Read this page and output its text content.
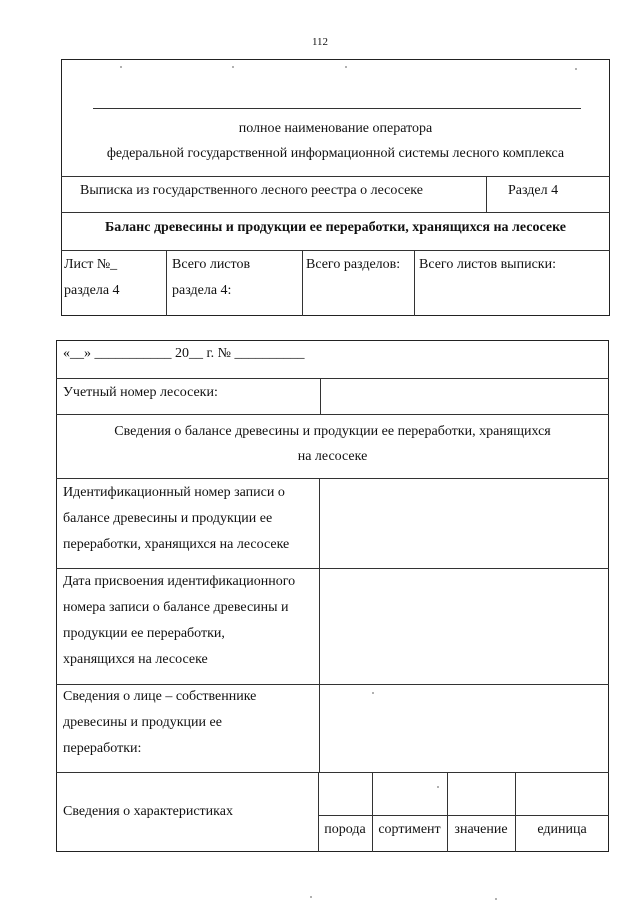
112
полное наименование оператора
федеральной государственной информационной системы лесного комплекса
Выписка из государственного лесного реестра о лесосеке	Раздел 4
Баланс древесины и продукции ее переработки, хранящихся на лесосеке
Лист №_
раздела 4
Всего листов
раздела 4:
Всего разделов: Всего листов выписки:
«__» ___________ 20__ г. № __________
Учетный номер лесосеки:
Сведения о балансе древесины и продукции ее переработки, хранящихся
на лесосеке
Идентификационный номер записи о
балансе древесины и продукции ее
переработки, хранящихся на лесосеке
Дата присвоения идентификационного
номера записи о балансе древесины и
продукции ее переработки,
хранящихся на лесосеке
Сведения о лице – собственнике
древесины и продукции ее
переработки:
Сведения о характеристиках
порода сортимент значение	единица
